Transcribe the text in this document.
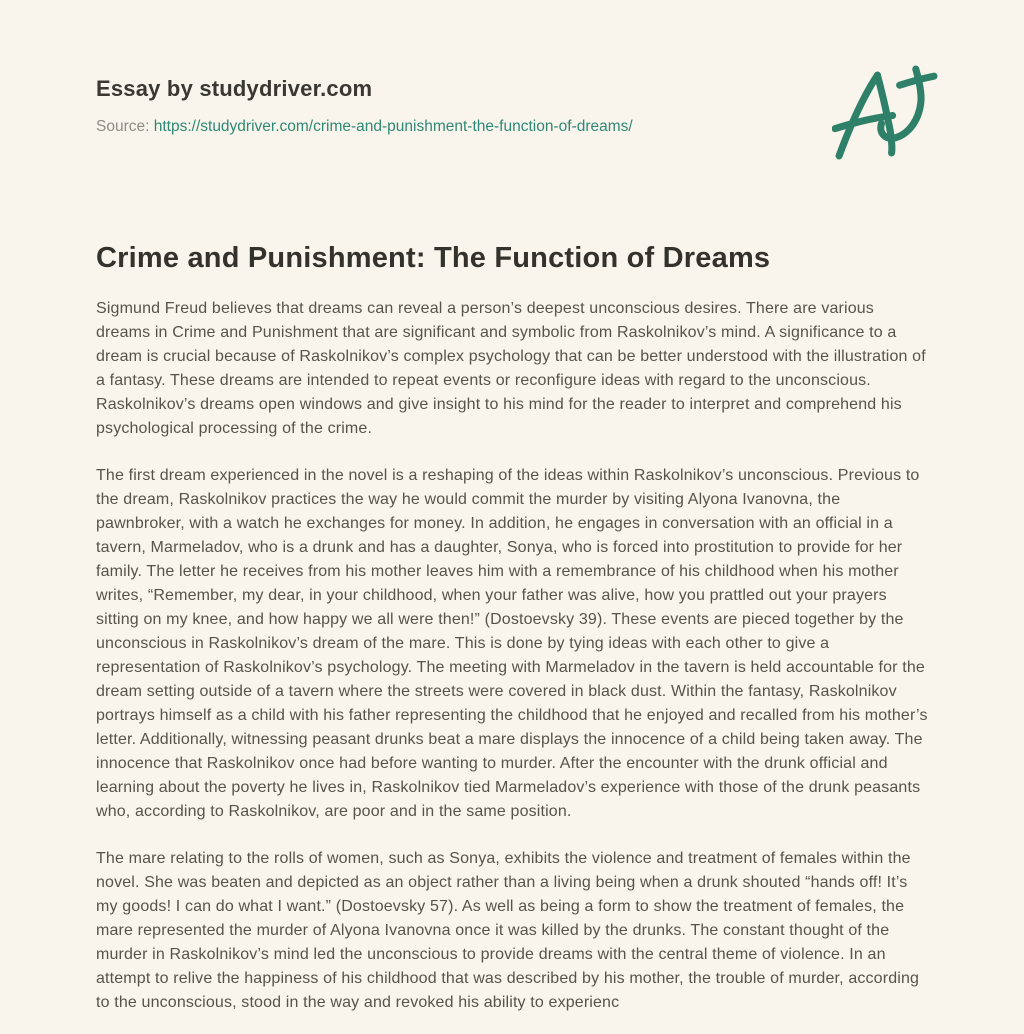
Essay by studydriver.com

Source: https://studydriver.com/crime-and-punishment-the-function-of-dreams/

Crime and Punishment: The Function of Dreams

Sigmund Freud believes that dreams can reveal a person’s deepest unconscious desires. There are various dreams in Crime and Punishment that are significant and symbolic from Raskolnikov’s mind. A significance to a dream is crucial because of Raskolnikov’s complex psychology that can be better understood with the illustration of a fantasy. These dreams are intended to repeat events or reconfigure ideas with regard to the unconscious. Raskolnikov’s dreams open windows and give insight to his mind for the reader to interpret and comprehend his psychological processing of the crime.

The first dream experienced in the novel is a reshaping of the ideas within Raskolnikov’s unconscious. Previous to the dream, Raskolnikov practices the way he would commit the murder by visiting Alyona Ivanovna, the pawnbroker, with a watch he exchanges for money. In addition, he engages in conversation with an official in a tavern, Marmeladov, who is a drunk and has a daughter, Sonya, who is forced into prostitution to provide for her family. The letter he receives from his mother leaves him with a remembrance of his childhood when his mother writes, “Remember, my dear, in your childhood, when your father was alive, how you prattled out your prayers sitting on my knee, and how happy we all were then!” (Dostoevsky 39). These events are pieced together by the unconscious in Raskolnikov’s dream of the mare. This is done by tying ideas with each other to give a representation of Raskolnikov’s psychology. The meeting with Marmeladov in the tavern is held accountable for the dream setting outside of a tavern where the streets were covered in black dust. Within the fantasy, Raskolnikov portrays himself as a child with his father representing the childhood that he enjoyed and recalled from his mother’s letter. Additionally, witnessing peasant drunks beat a mare displays the innocence of a child being taken away. The innocence that Raskolnikov once had before wanting to murder. After the encounter with the drunk official and learning about the poverty he lives in, Raskolnikov tied Marmeladov’s experience with those of the drunk peasants who, according to Raskolnikov, are poor and in the same position.

The mare relating to the rolls of women, such as Sonya, exhibits the violence and treatment of females within the novel. She was beaten and depicted as an object rather than a living being when a drunk shouted “hands off! It’s my goods! I can do what I want.” (Dostoevsky 57). As well as being a form to show the treatment of females, the mare represented the murder of Alyona Ivanovna once it was killed by the drunks. The constant thought of the murder in Raskolnikov’s mind led the unconscious to provide dreams with the central theme of violence. In an attempt to relive the happiness of his childhood that was described by his mother, the trouble of murder, according to the unconscious, stood in the way and revoked his ability to experienc
